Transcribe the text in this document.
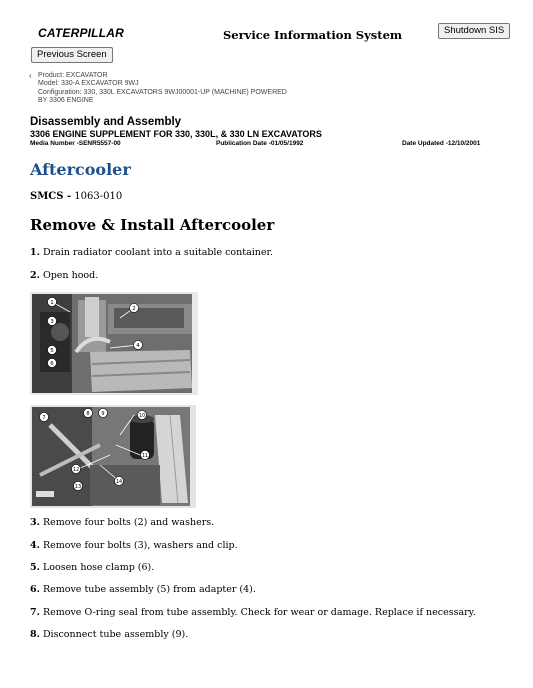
CATERPILLAR	Service Information System	Shutdown SIS
Previous Screen
‹ Product: EXCAVATOR
Model: 330-A EXCAVATOR 9WJ
Configuration: 330, 330L EXCAVATORS 9WJ00001-UP (MACHINE) POWERED
BY 3306 ENGINE
Disassembly and Assembly
3306 ENGINE SUPPLEMENT FOR 330, 330L, & 330 LN EXCAVATORS
Media Number -SENR5557-00	Publication Date -01/05/1992	Date Updated -12/10/2001
Aftercooler
SMCS - 1063-010
Remove & Install Aftercooler
1. Drain radiator coolant into a suitable container.
2. Open hood.
1
2
3
4
5
6
7
8 9	10
11
12
13
14
3. Remove four bolts (2) and washers.
4. Remove four bolts (3), washers and clip.
5. Loosen hose clamp (6).
6. Remove tube assembly (5) from adapter (4).
7. Remove O-ring seal from tube assembly. Check for wear or damage. Replace if necessary.
8. Disconnect tube assembly (9).
